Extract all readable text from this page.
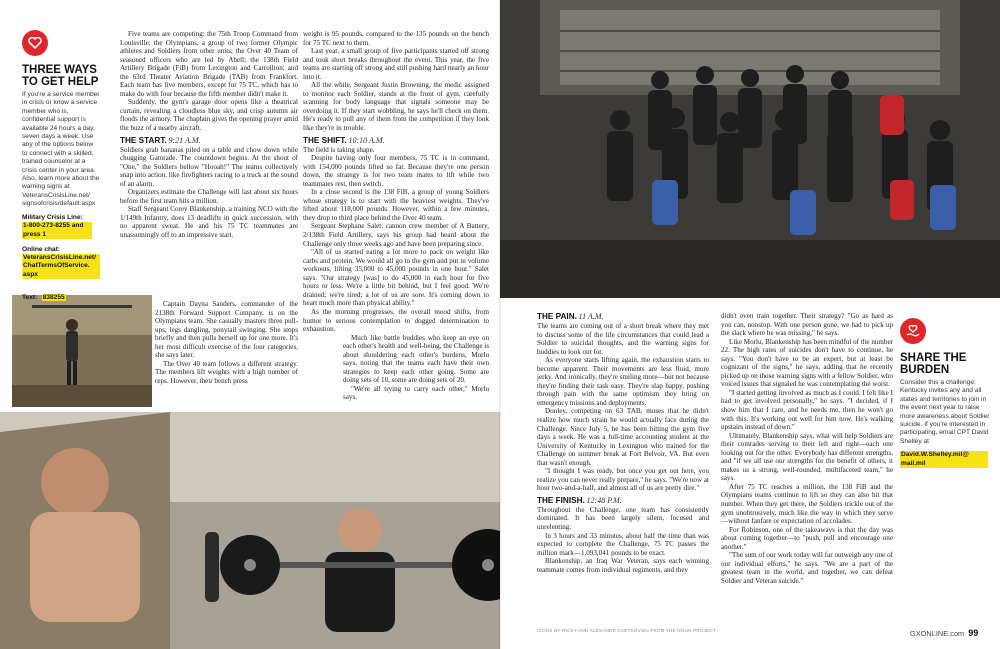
THREE WAYS TO GET HELP
If you're a service member in crisis or know a service member who is, confidential support is available 24 hours a day, seven days a week. Use any of the options below to connect with a skilled, trained counselor at a crisis center in your area. Also, learn more about the warning signs at VeteransCrisisLine.net/ signsofcrisis/default.aspx
Military Crisis Line:
1-800-273-8255 and press 1
Online chat:
VeteransCrisisLine.net/ ChatTermsOfService. aspx
Text: 838255
SHARE THE BURDEN
Consider this a challenge: Kentucky invites any and all states and territories to join in the event next year to raise more awareness about Soldier suicide. If you're interested in participating, email CPT David Shelley at
David.W.Shelley.mil@ mail.mil

Five teams are competing: the 75th Troop Command from Louisville; the Olympians, a group of two former Olympic athletes and Soldiers from other units; the Over 40 Team of seasoned officers who are led by Abell; the 138th Field Artillery Brigade (FiB) from Lexington and Carrollton; and the 63rd Theater Aviation Brigade (TAB) from Frankfort. Each team has five members, except for 75 TC, which has to make do with four because the fifth member didn't make it.

Suddenly, the gym's garage door opens like a theatrical curtain, revealing a cloudless blue sky, and crisp autumn air floods the armory. The chaplain gives the opening prayer amid the buzz of a nearby aircraft.

THE START. 9:21 A.M.

Soldiers grab bananas piled on a table and chow down while chugging Gatorade. The countdown begins. At the shout of "One," the Soldiers bellow "Hooah!" The teams collectively snap into action, like firefighters racing to a truck at the sound of an alarm.

Organizers estimate the Challenge will last about six hours before the first team hits a million.

Staff Sergeant Corey Blankenship, a training NCO with the 1/149th Infantry, does 13 deadlifts in quick succession, with no apparent sweat. He and his 75 TC teammates are unassumingly off to an impressive start.

Captain Dayna Sanders, commander of the 2138th Forward Support Company, is on the Olympians team. She casually masters three pull-ups, legs dangling, ponytail swinging. She stops briefly and then pulls herself up for one more. It's her most difficult exercise of the four categories, she says later.

The Over 40 team follows a different strategy. The members lift weights with a high number of reps. However, their bench press

weight is 95 pounds, compared to the 135 pounds on the bench for 75 TC next to them.

Last year, a small group of five participants started off strong and took short breaks throughout the event. This year, the five teams are starting off strong and still pushing hard nearly an hour into it.

All the while, Sergeant Justin Browning, the medic assigned to monitor each Soldier, stands at the front of gym, carefully scanning for body language that signals someone may be overdoing it. If they start wobbling, he says he'll check on them. He's ready to pull any of them from the competition if they look like they're in trouble.

THE SHIFT. 10:10 A.M.

The field is taking shape.

Despite having only four members, 75 TC is in command, with 154,000 pounds lifted so far. Because they're one person down, the strategy is for two team mates to lift while two teammates rest, then switch.

In a close second is the 138 FiB, a group of young Soldiers whose strategy is to start with the heaviest weights. They've lifted about 118,000 pounds. However, within a few minutes, they drop to third place behind the Over 40 team.

Sergeant Stephane Salet, cannon crew member of A Battery, 2/138th Field Artillery, says his group had heard about the Challenge only three weeks ago and have been preparing since.

"All of us started eating a lot more to pack on weight like carbs and protein. We would all go to the gym and put in volume workouts, lifting 35,000 to 45,000 pounds in one hour." Salet says. "Our strategy [was] to do 45,000 in each hour for five hours or less. We're a little bit behind, but I feel good. We're drained; we're tired; a lot of us are sore. It's coming down to heart much more than physical ability."

As the morning progresses, the overall mood shifts, from humor to serious contemplation to dogged determination to exhaustion.

Much like battle buddies who keep an eye on each other's health and well-being, the Challenge is about shouldering each other's burdens, Morlu says, noting that the teams each have their own strategies to keep each other going. Some are doing sets of 10, some are doing sets of 20.

"We're all trying to carry each other," Morlu says.

THE PAIN. 11 A.M.

The teams are coming out of a short break where they met to discuss some of the life circumstances that could lead a Soldier to suicidal thoughts, and the warning signs for buddies to look out for.

As everyone starts lifting again, the exhaustion starts to become apparent. Their movements are less fluid, more jerky. And ironically, they're smiling more—but not because they're finding their task easy. They're slap happy, pushing through pain with the same optimism they bring on emergency missions and deployments.

Donley, competing on 63 TAB, muses that he didn't realize how much strain he would actually face during the Challenge. Since July 5, he has been hitting the gym five days a week. He was a full-time accounting student at the University of Kentucky in Lexington who trained for the Challenge on summer break at Fort Belvoir, VA. But even that wasn't enough.

"I thought I was ready, but once you get out here, you realize you can never really prepare," he says. "We're now at hour two-and-a-half, and almost all of us are pretty dire."

THE FINISH. 12:48 P.M.

Throughout the Challenge, one team has consistently dominated. It has been largely silent, focused and unrelenting.

In 3 hours and 33 minutes, about half the time than was expected to complete the Challenge, 75 TC passes the million mark—1,093,041 pounds to be exact.

Blankenship, an Iraq War Veteran, says each winning teammate comes from individual regiments, and they

didn't even train together. Their strategy? "Go as hard as you can, nonstop. With one person gone, we had to pick up the slack where he was missing," he says.

Like Morlu, Blankenship has been mindful of the number 22. The high rates of suicides don't have to continue, he says. "You don't have to be an expert, but at least be cognizant of the signs," he says, adding that he recently picked up on those warning signs with a fellow Soldier, who voiced issues that signaled he was contemplating the worst.

"I started getting involved as much as I could. I felt like I had to get involved personally," he says. "I decided, if I show him that I care, and he needs me, then he won't go with this. It's working out well for him now. He's walking upstairs instead of down."

Ultimately, Blankenship says, what will help Soldiers are their comrades serving to their left and right—each one looking out for the other. Everybody has different strengths, and "if we all use our strengths for the benefit of others, it makes us a strong, well-rounded, multifaceted team," he says.

After 75 TC reaches a million, the 138 FiB and the Olympians teams continue to lift so they can also hit that number. When they get there, the Soldiers trickle out of the gym unobtrusively, much like the way in which they serve—without fanfare or expectation of accolades.

For Robinson, one of the takeaways is that the day was about coming together—to "push, pull and encourage one another."

"The sum of our work today will far outweigh any one of our individual efforts," he says. "We are a part of the greatest team in the world, and together, we can defeat Soldier and Veteran suicide."

ICONS BY RICKY AND ALEXANDR CVETKOVSKI FROM THE NOUN PROJECT	GXONLINE.com 99
